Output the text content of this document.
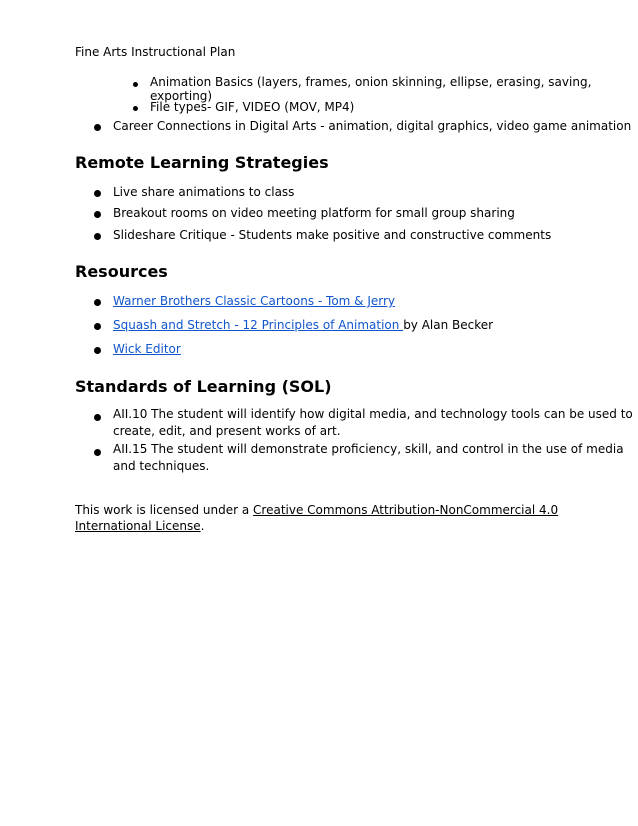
Fine Arts Instructional Plan
Animation Basics (layers, frames, onion skinning, ellipse, erasing, saving,
exporting)
File types- GIF, VIDEO (MOV, MP4)
Career Connections in Digital Arts - animation, digital graphics, video game animation
Remote Learning Strategies
Live share animations to class
Breakout rooms on video meeting platform for small group sharing
Slideshare Critique - Students make positive and constructive comments
Resources
Warner Brothers Classic Cartoons - Tom & Jerry
Squash and Stretch - 12 Principles of Animation by Alan Becker
Wick Editor
Standards of Learning (SOL)
AII.10 The student will identify how digital media, and technology tools can be used to
create, edit, and present works of art.
AII.15 The student will demonstrate proficiency, skill, and control in the use of media
and techniques.
This work is licensed under a Creative Commons Attribution-NonCommercial 4.0 International License.
